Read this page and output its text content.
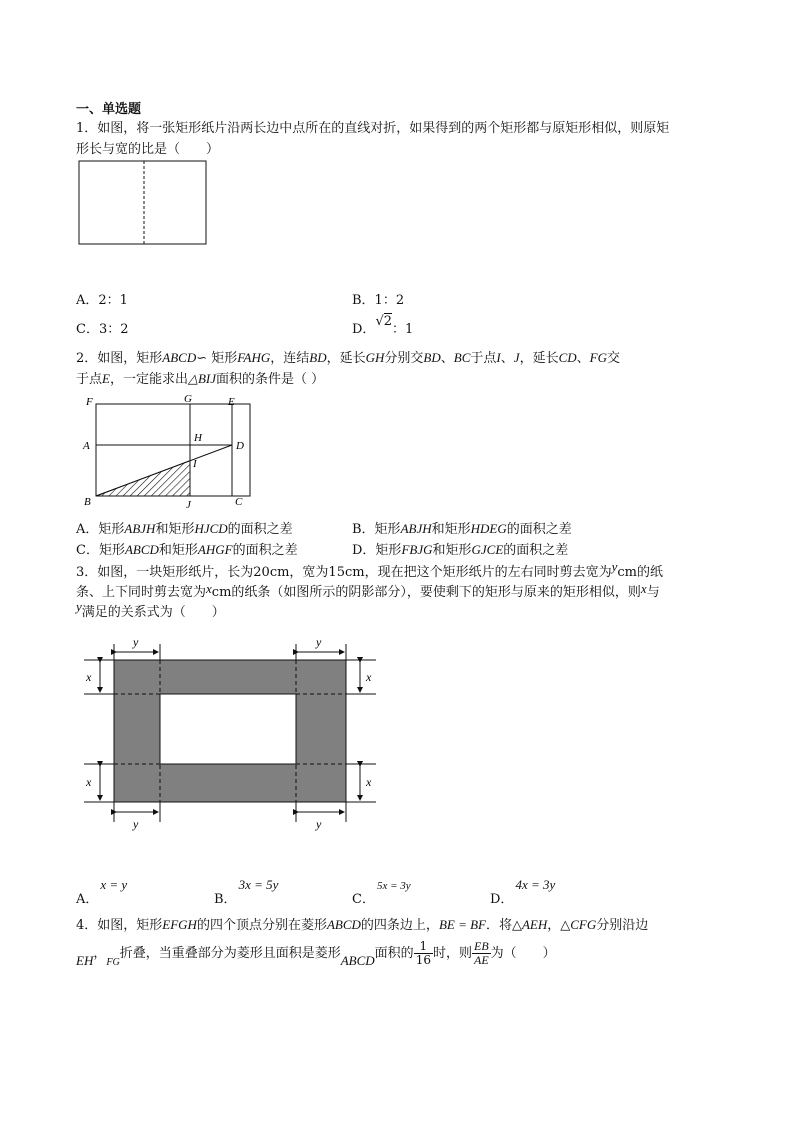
一、单选题
1．如图，将一张矩形纸片沿两长边中点所在的直线对折，如果得到的两个矩形都与原矩形相似，则原矩
形长与宽的比是（　　）
A．2：1	B．1：2
C．3：2	D．√2：1
2．如图，矩形ABCD∽ 矩形FAHG，连结BD，延长GH分别交BD、BC于点I、J，延长CD、FG交
于点E，一定能求出△BIJ面积的条件是（ ）
F	G	E
A
H
D
I
B	J	C
A．矩形ABJH和矩形HJCD的面积之差	B．矩形ABJH和矩形HDEG的面积之差
C．矩形ABCD和矩形AHGF的面积之差	D．矩形FBJG和矩形GJCE的面积之差
3．如图，一块矩形纸片，长为20cm，宽为15cm，现在把这个矩形纸片的左右同时剪去宽为ycm的纸
条、上下同时剪去宽为xcm的纸条（如图所示的阴影部分），要使剩下的矩形与原来的矩形相似，则x与
y满足的关系式为（　　）
y	y
y	y
x
x
x
x
A．x = y
B．3x = 5y
C．5x = 3y
D．4x = 3y
4．如图，矩形EFGH的四个顶点分别在菱形ABCD的四条边上，BE = BF．将△AEH，△CFG分别沿边
EH，$_{FG}$折叠，当重叠部分为菱形且面积是菱形ABCD面积的 $\frac{1}{16}$ 时，则 $\frac{EB}{AE}$ 为（　　）
